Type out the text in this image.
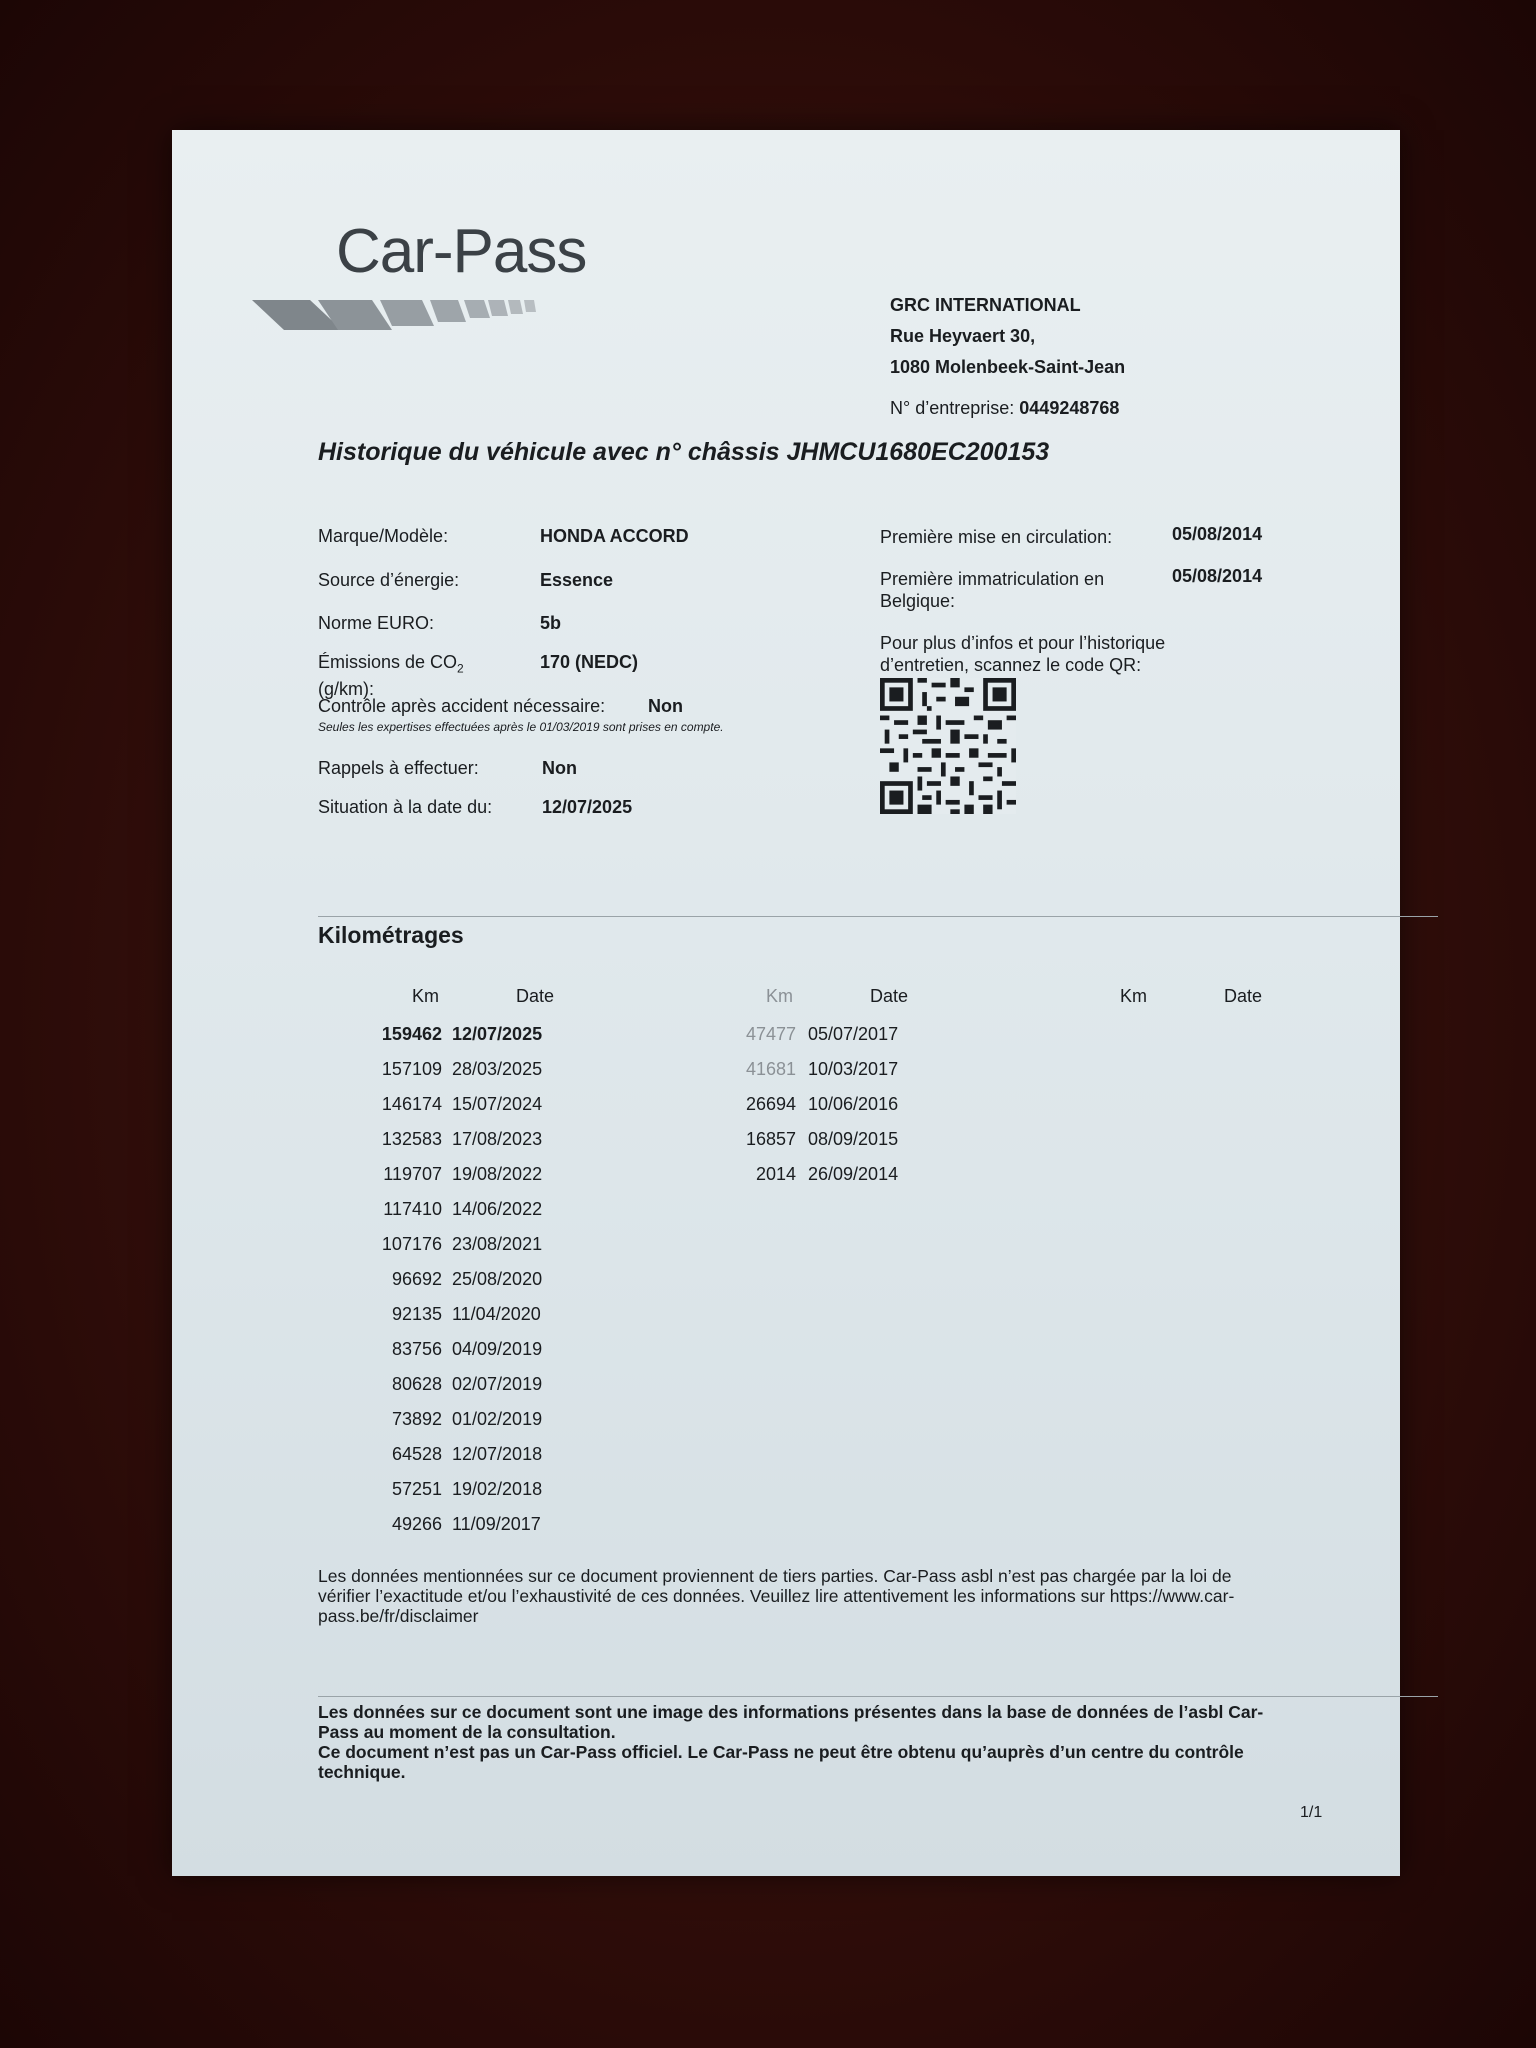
Car-Pass
GRC INTERNATIONAL
Rue Heyvaert 30,
1080 Molenbeek-Saint-Jean
N° d’entreprise: 0449248768
Historique du véhicule avec n° châssis JHMCU1680EC200153
Marque/Modèle:	HONDA ACCORD
Source d’énergie:	Essence
Norme EURO:	5b
Émissions de $CO_2$
(g/km):
170 (NEDC)
Contrôle après accident nécessaire: Non
Seules les expertises effectuées après le 01/03/2019 sont prises en compte.
Rappels à effectuer:	Non
Situation à la date du:	12/07/2025
Première mise en circulation:	05/08/2014
Première immatriculation en Belgique:
05/08/2014
Pour plus d’infos et pour l’historique d’entretien, scannez le code QR:
Kilométrages
Km	Date	Km	Date	Km	Date
159462 12/07/2025
157109 28/03/2025
146174 15/07/2024
132583 17/08/2023
119707 19/08/2022
117410 14/06/2022
107176 23/08/2021
96692 25/08/2020
92135 11/04/2020
83756 04/09/2019
80628 02/07/2019
73892 01/02/2019
64528 12/07/2018
57251 19/02/2018
49266 11/09/2017
47477 05/07/2017
41681 10/03/2017
26694 10/06/2016
16857 08/09/2015
2014 26/09/2014
Les données mentionnées sur ce document proviennent de tiers parties. Car-Pass asbl n’est pas chargée par la loi de vérifier l’exactitude et/ou l’exhaustivité de ces données. Veuillez lire attentivement les informations sur https://www.car-pass.be/fr/disclaimer
Les données sur ce document sont une image des informations présentes dans la base de données de l’asbl Car-Pass au moment de la consultation.
Ce document n’est pas un Car-Pass officiel. Le Car-Pass ne peut être obtenu qu’auprès d’un centre du contrôle technique.
1/1
